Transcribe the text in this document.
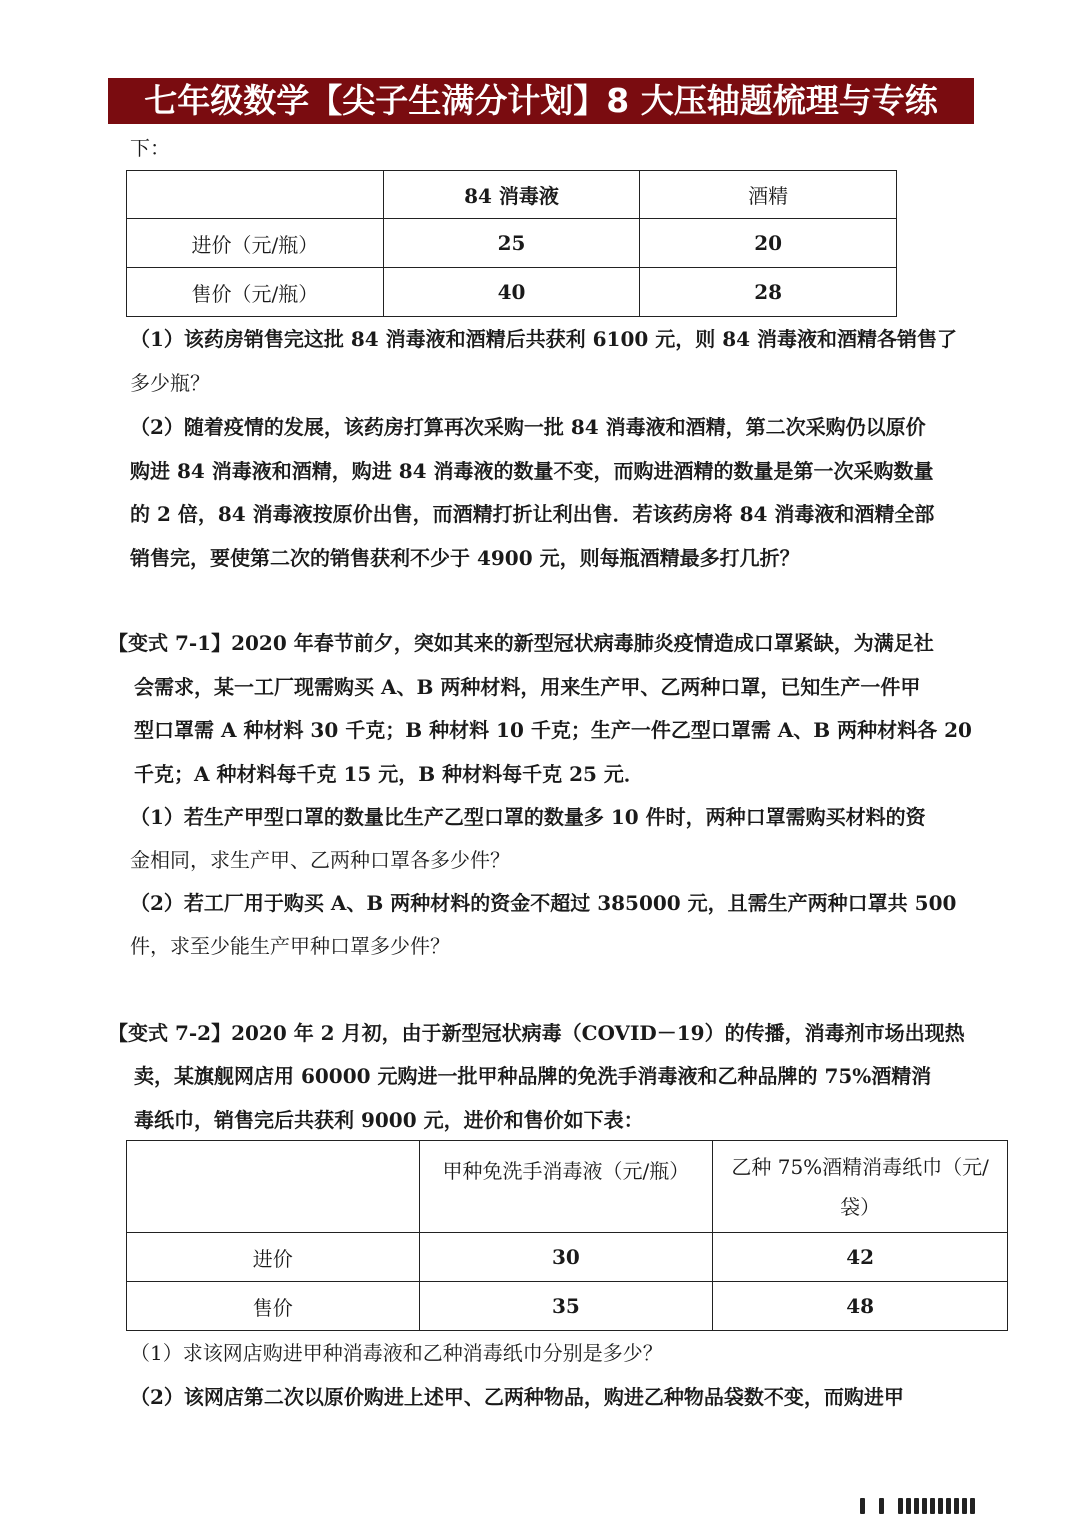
七年级数学【尖子生满分计划】8 大压轴题梳理与专练
下：
	84 消毒液	酒精
进价（元/瓶）	25	20
售价（元/瓶）	40	28
（1）该药房销售完这批 84 消毒液和酒精后共获利 6100 元，则 84 消毒液和酒精各销售了
多少瓶？
（2）随着疫情的发展，该药房打算再次采购一批 84 消毒液和酒精，第二次采购仍以原价
购进 84 消毒液和酒精，购进 84 消毒液的数量不变，而购进酒精的数量是第一次采购数量
的 2 倍，84 消毒液按原价出售，而酒精打折让利出售．若该药房将 84 消毒液和酒精全部
销售完，要使第二次的销售获利不少于 4900 元，则每瓶酒精最多打几折？
【变式 7-1】2020 年春节前夕，突如其来的新型冠状病毒肺炎疫情造成口罩紧缺，为满足社
会需求，某一工厂现需购买 A、B 两种材料，用来生产甲、乙两种口罩，已知生产一件甲
型口罩需 A 种材料 30 千克；B 种材料 10 千克；生产一件乙型口罩需 A、B 两种材料各 20
千克；A 种材料每千克 15 元，B 种材料每千克 25 元．
（1）若生产甲型口罩的数量比生产乙型口罩的数量多 10 件时，两种口罩需购买材料的资
金相同，求生产甲、乙两种口罩各多少件？
（2）若工厂用于购买 A、B 两种材料的资金不超过 385000 元，且需生产两种口罩共 500
件，求至少能生产甲种口罩多少件？
【变式 7-2】2020 年 2 月初，由于新型冠状病毒（COVID－19）的传播，消毒剂市场出现热
卖，某旗舰网店用 60000 元购进一批甲种品牌的免洗手消毒液和乙种品牌的 75%酒精消
毒纸巾，销售完后共获利 9000 元，进价和售价如下表：
	甲种免洗手消毒液（元/瓶）	乙种 75%酒精消毒纸巾（元/
袋）

进价	30	42
售价	35	48
（1）求该网店购进甲种消毒液和乙种消毒纸巾分别是多少？
（2）该网店第二次以原价购进上述甲、乙两种物品，购进乙种物品袋数不变，而购进甲
